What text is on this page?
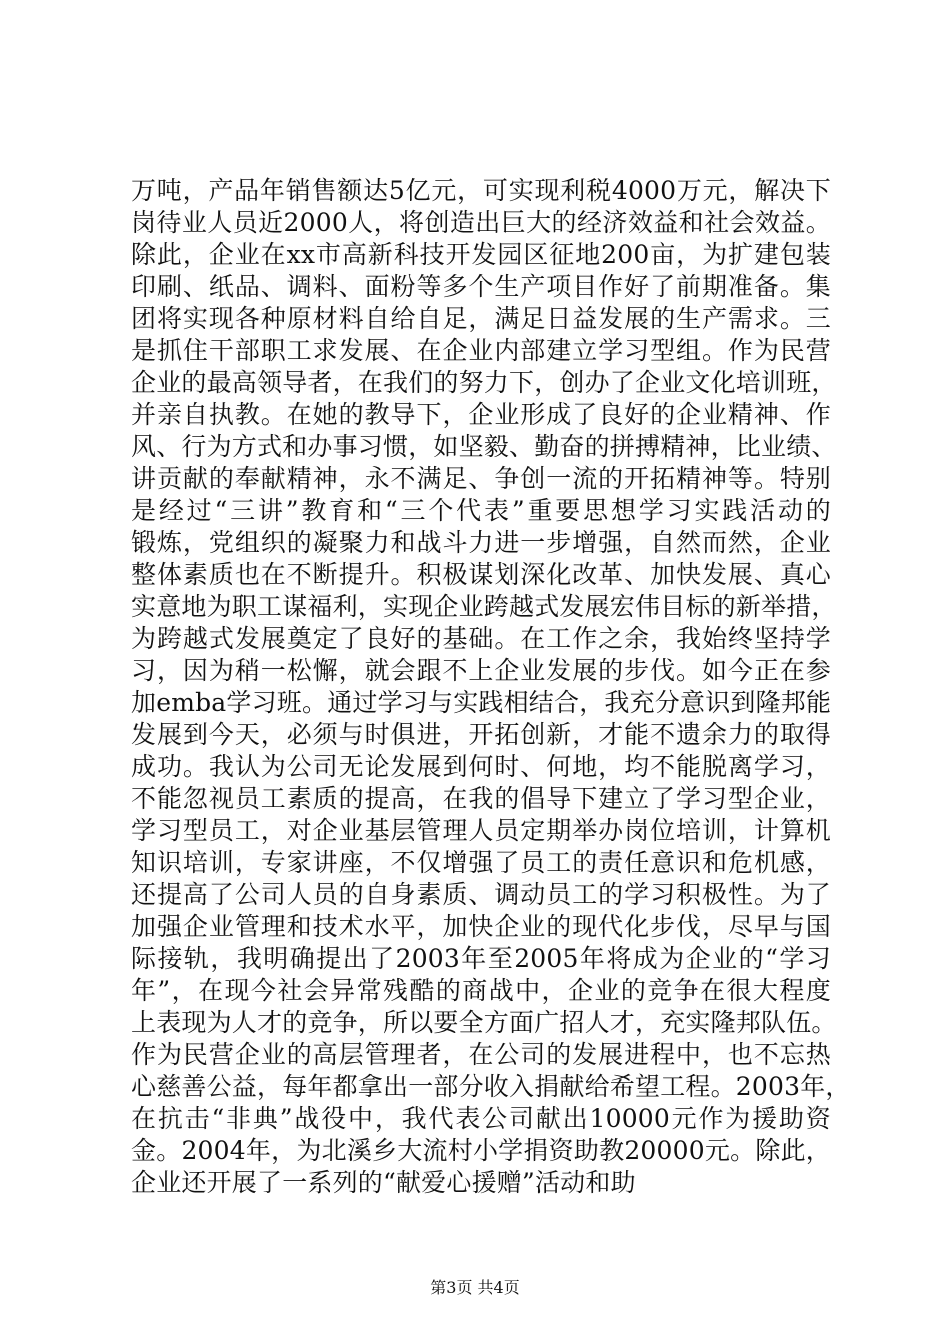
万吨，产品年销售额达5亿元，可实现利税4000万元，解决下
岗待业人员近2000人，将创造出巨大的经济效益和社会效益。
除此，企业在xx市高新科技开发园区征地200亩，为扩建包装
印刷、纸品、调料、面粉等多个生产项目作好了前期准备。集
团将实现各种原材料自给自足，满足日益发展的生产需求。三
是抓住干部职工求发展、在企业内部建立学习型组。作为民营
企业的最高领导者，在我们的努力下，创办了企业文化培训班，
并亲自执教。在她的教导下，企业形成了良好的企业精神、作
风、行为方式和办事习惯，如坚毅、勤奋的拼搏精神，比业绩、
讲贡献的奉献精神，永不满足、争创一流的开拓精神等。特别
是经过“三讲”教育和“三个代表”重要思想学习实践活动的
锻炼，党组织的凝聚力和战斗力进一步增强，自然而然，企业
整体素质也在不断提升。积极谋划深化改革、加快发展、真心
实意地为职工谋福利，实现企业跨越式发展宏伟目标的新举措，
为跨越式发展奠定了良好的基础。在工作之余，我始终坚持学
习，因为稍一松懈，就会跟不上企业发展的步伐。如今正在参
加emba学习班。通过学习与实践相结合，我充分意识到隆邦能
发展到今天，必须与时俱进，开拓创新，才能不遗余力的取得
成功。我认为公司无论发展到何时、何地，均不能脱离学习，
不能忽视员工素质的提高，在我的倡导下建立了学习型企业，
学习型员工，对企业基层管理人员定期举办岗位培训，计算机
知识培训，专家讲座，不仅增强了员工的责任意识和危机感，
还提高了公司人员的自身素质、调动员工的学习积极性。为了
加强企业管理和技术水平，加快企业的现代化步伐，尽早与国
际接轨，我明确提出了2003年至2005年将成为企业的“学习
年”，在现今社会异常残酷的商战中，企业的竞争在很大程度
上表现为人才的竞争，所以要全方面广招人才，充实隆邦队伍。
作为民营企业的高层管理者，在公司的发展进程中，也不忘热
心慈善公益，每年都拿出一部分收入捐献给希望工程。2003年，
在抗击“非典”战役中，我代表公司献出10000元作为援助资
金。2004年，为北溪乡大流村小学捐资助教20000元。除此，
企业还开展了一系列的“献爱心援赠”活动和助
第3页 共4页
